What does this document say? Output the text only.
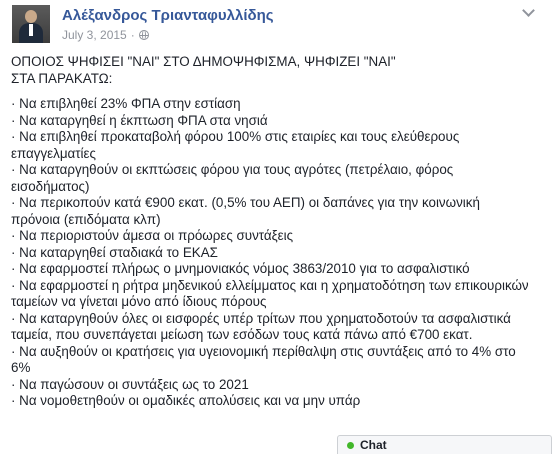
Αλέξανδρος Τριανταφυλλίδης
July 3, 2015 ·

ΟΠΟΙΟΣ ΨΗΦΙΣΕΙ "ΝΑΙ" ΣΤΟ ΔΗΜΟΨΗΦΙΣΜΑ, ΨΗΦΙΖΕΙ "ΝΑΙ" ΣΤΑ ΠΑΡΑΚΑΤΩ:

· Να επιβληθεί 23% ΦΠΑ στην εστίαση
· Να καταργηθεί η έκπτωση ΦΠΑ στα νησιά
· Να επιβληθεί προκαταβολή φόρου 100% στις εταιρίες και τους ελεύθερους επαγγελματίες
· Να καταργηθούν οι εκπτώσεις φόρου για τους αγρότες (πετρέλαιο, φόρος εισοδήματος)
· Να περικοπούν κατά €900 εκατ. (0,5% του ΑΕΠ) οι δαπάνες για την κοινωνική πρόνοια (επιδόματα κλπ)
· Να περιοριστούν άμεσα οι πρόωρες συντάξεις
· Να καταργηθεί σταδιακά το ΕΚΑΣ
· Να εφαρμοστεί πλήρως ο μνημονιακός νόμος 3863/2010 για το ασφαλιστικό
· Να εφαρμοστεί η ρήτρα μηδενικού ελλείμματος και η χρηματοδότηση των επικουρικών ταμείων να γίνεται μόνο από ίδιους πόρους
· Να καταργηθούν όλες οι εισφορές υπέρ τρίτων που χρηματοδοτούν τα ασφαλιστικά ταμεία, που συνεπάγεται μείωση των εσόδων τους κατά πάνω από €700 εκατ.
· Να αυξηθούν οι κρατήσεις για υγειονομική περίθαλψη στις συντάξεις από το 4% στο 6%
· Να παγώσουν οι συντάξεις ως το 2021
· Να νομοθετηθούν οι ομαδικές απολύσεις και να μην υπάρ
Chat
